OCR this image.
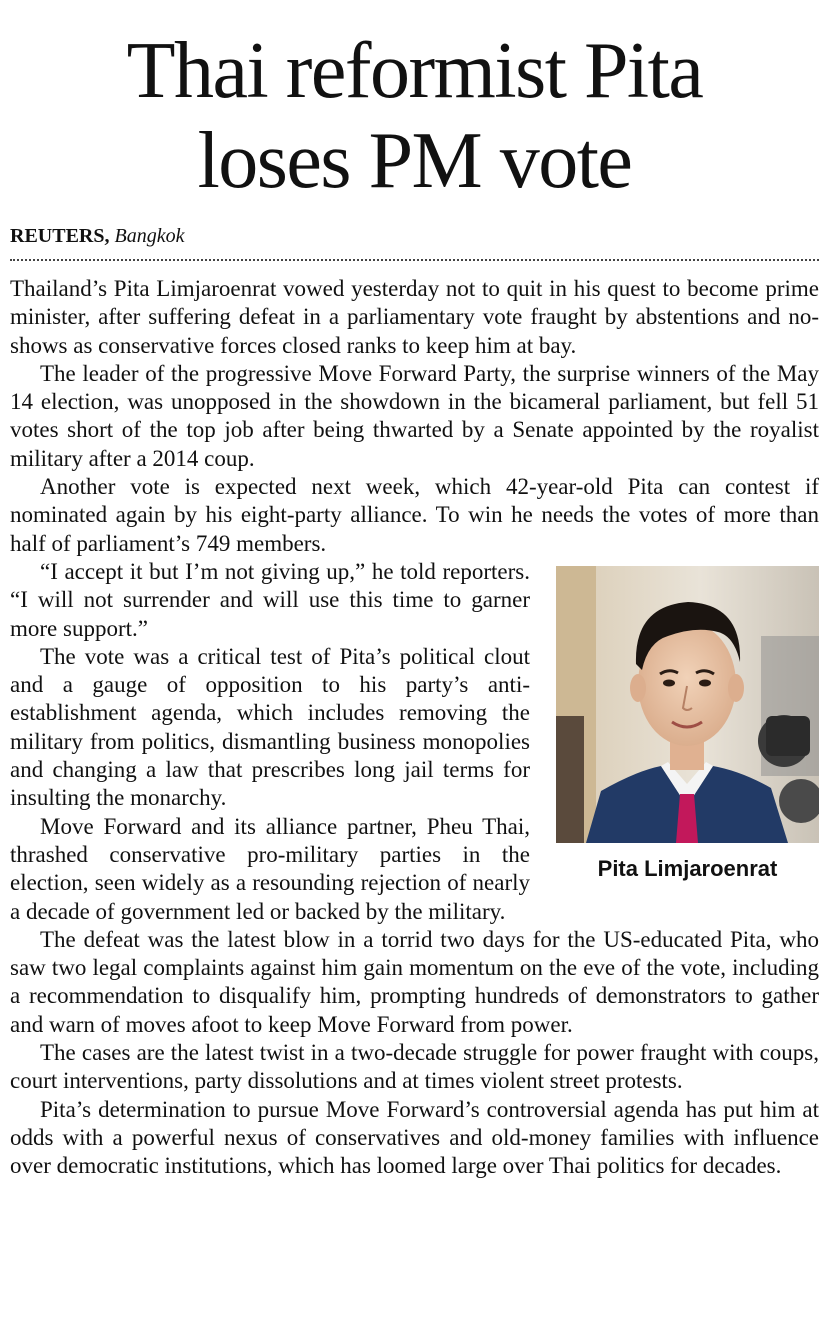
Thai reformist Pita
loses PM vote
REUTERS, Bangkok

Thailand’s Pita Limjaroenrat vowed yesterday not to quit in his quest to become prime minister, after suffering defeat in a parliamentary vote fraught by abstentions and no-shows as conservative forces closed ranks to keep him at bay.

The leader of the progressive Move Forward Party, the surprise winners of the May 14 election, was unopposed in the showdown in the bicameral parliament, but fell 51 votes short of the top job after being thwarted by a Senate appointed by the royalist military after a 2014 coup.

Another vote is expected next week, which 42-year-old Pita can contest if nominated again by his eight-party alliance. To win he needs the votes of more than half of parliament’s 749 members.

Pita Limjaroenrat

“I accept it but I’m not giving up,” he told reporters. “I will not surrender and will use this time to garner more support.”

The vote was a critical test of Pita’s political clout and a gauge of opposition to his party’s anti-establishment agenda, which includes removing the military from politics, dismantling business monopolies and changing a law that prescribes long jail terms for insulting the monarchy.

Move Forward and its alliance partner, Pheu Thai, thrashed conservative pro-military parties in the election, seen widely as a resounding rejection of nearly a decade of government led or backed by the military.

The defeat was the latest blow in a torrid two days for the US-educated Pita, who saw two legal complaints against him gain momentum on the eve of the vote, including a recommendation to disqualify him, prompting hundreds of demonstrators to gather and warn of moves afoot to keep Move Forward from power.

The cases are the latest twist in a two-decade struggle for power fraught with coups, court interventions, party dissolutions and at times violent street protests.

Pita’s determination to pursue Move Forward’s controversial agenda has put him at odds with a powerful nexus of conservatives and old-money families with influence over democratic institutions, which has loomed large over Thai politics for decades.
